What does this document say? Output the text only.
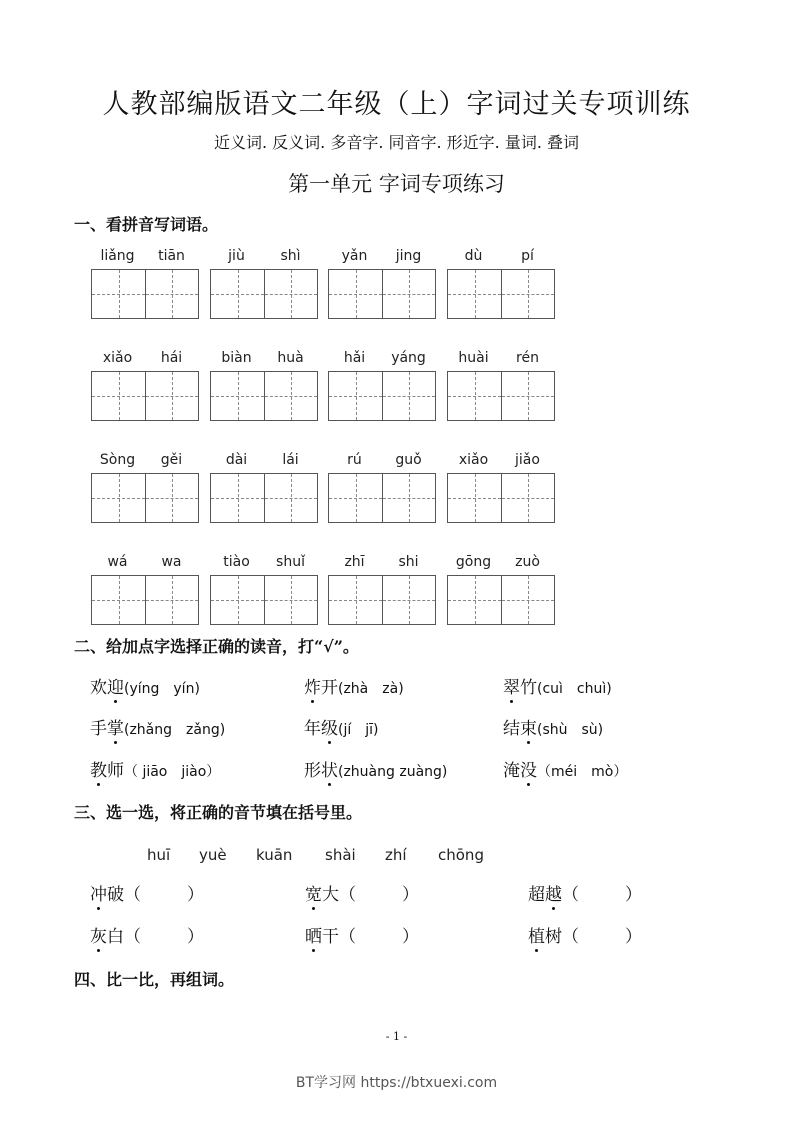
人教部编版语文二年级（上）字词过关专项训练
近义词. 反义词. 多音字. 同音字. 形近字. 量词. 叠词
第一单元 字词专项练习
一、看拼音写词语。
liǎng	tiān	jiù	shì	yǎn	jing	dù	pí
xiǎo	hái	biàn	huà	hǎi	yáng	huài	rén
Sòng	gěi	dài	lái	rú	guǒ	xiǎo	jiǎo
wá	wa	tiào	shuǐ	zhī	shi	gōng	zuò
二、给加点字选择正确的读音，打“√”。
欢迎(yíng　yín)	炸开(zhà　zà)	翠竹(cuì　chuì)
手掌(zhǎng　zǎng)	年级(jí　jī)	结束(shù　sù)
教师（ jiāo　jiào）	形状(zhuàng zuàng)	淹没（méi　mò）
三、选一选，将正确的音节填在括号里。
huī yuè kuān shài zhí chōng
冲破（	）	宽大（	）	超越（	）
灰白（	）	晒干（	）	植树（	）
四、比一比，再组词。
- 1 -
BT学习网 https://btxuexi.com
